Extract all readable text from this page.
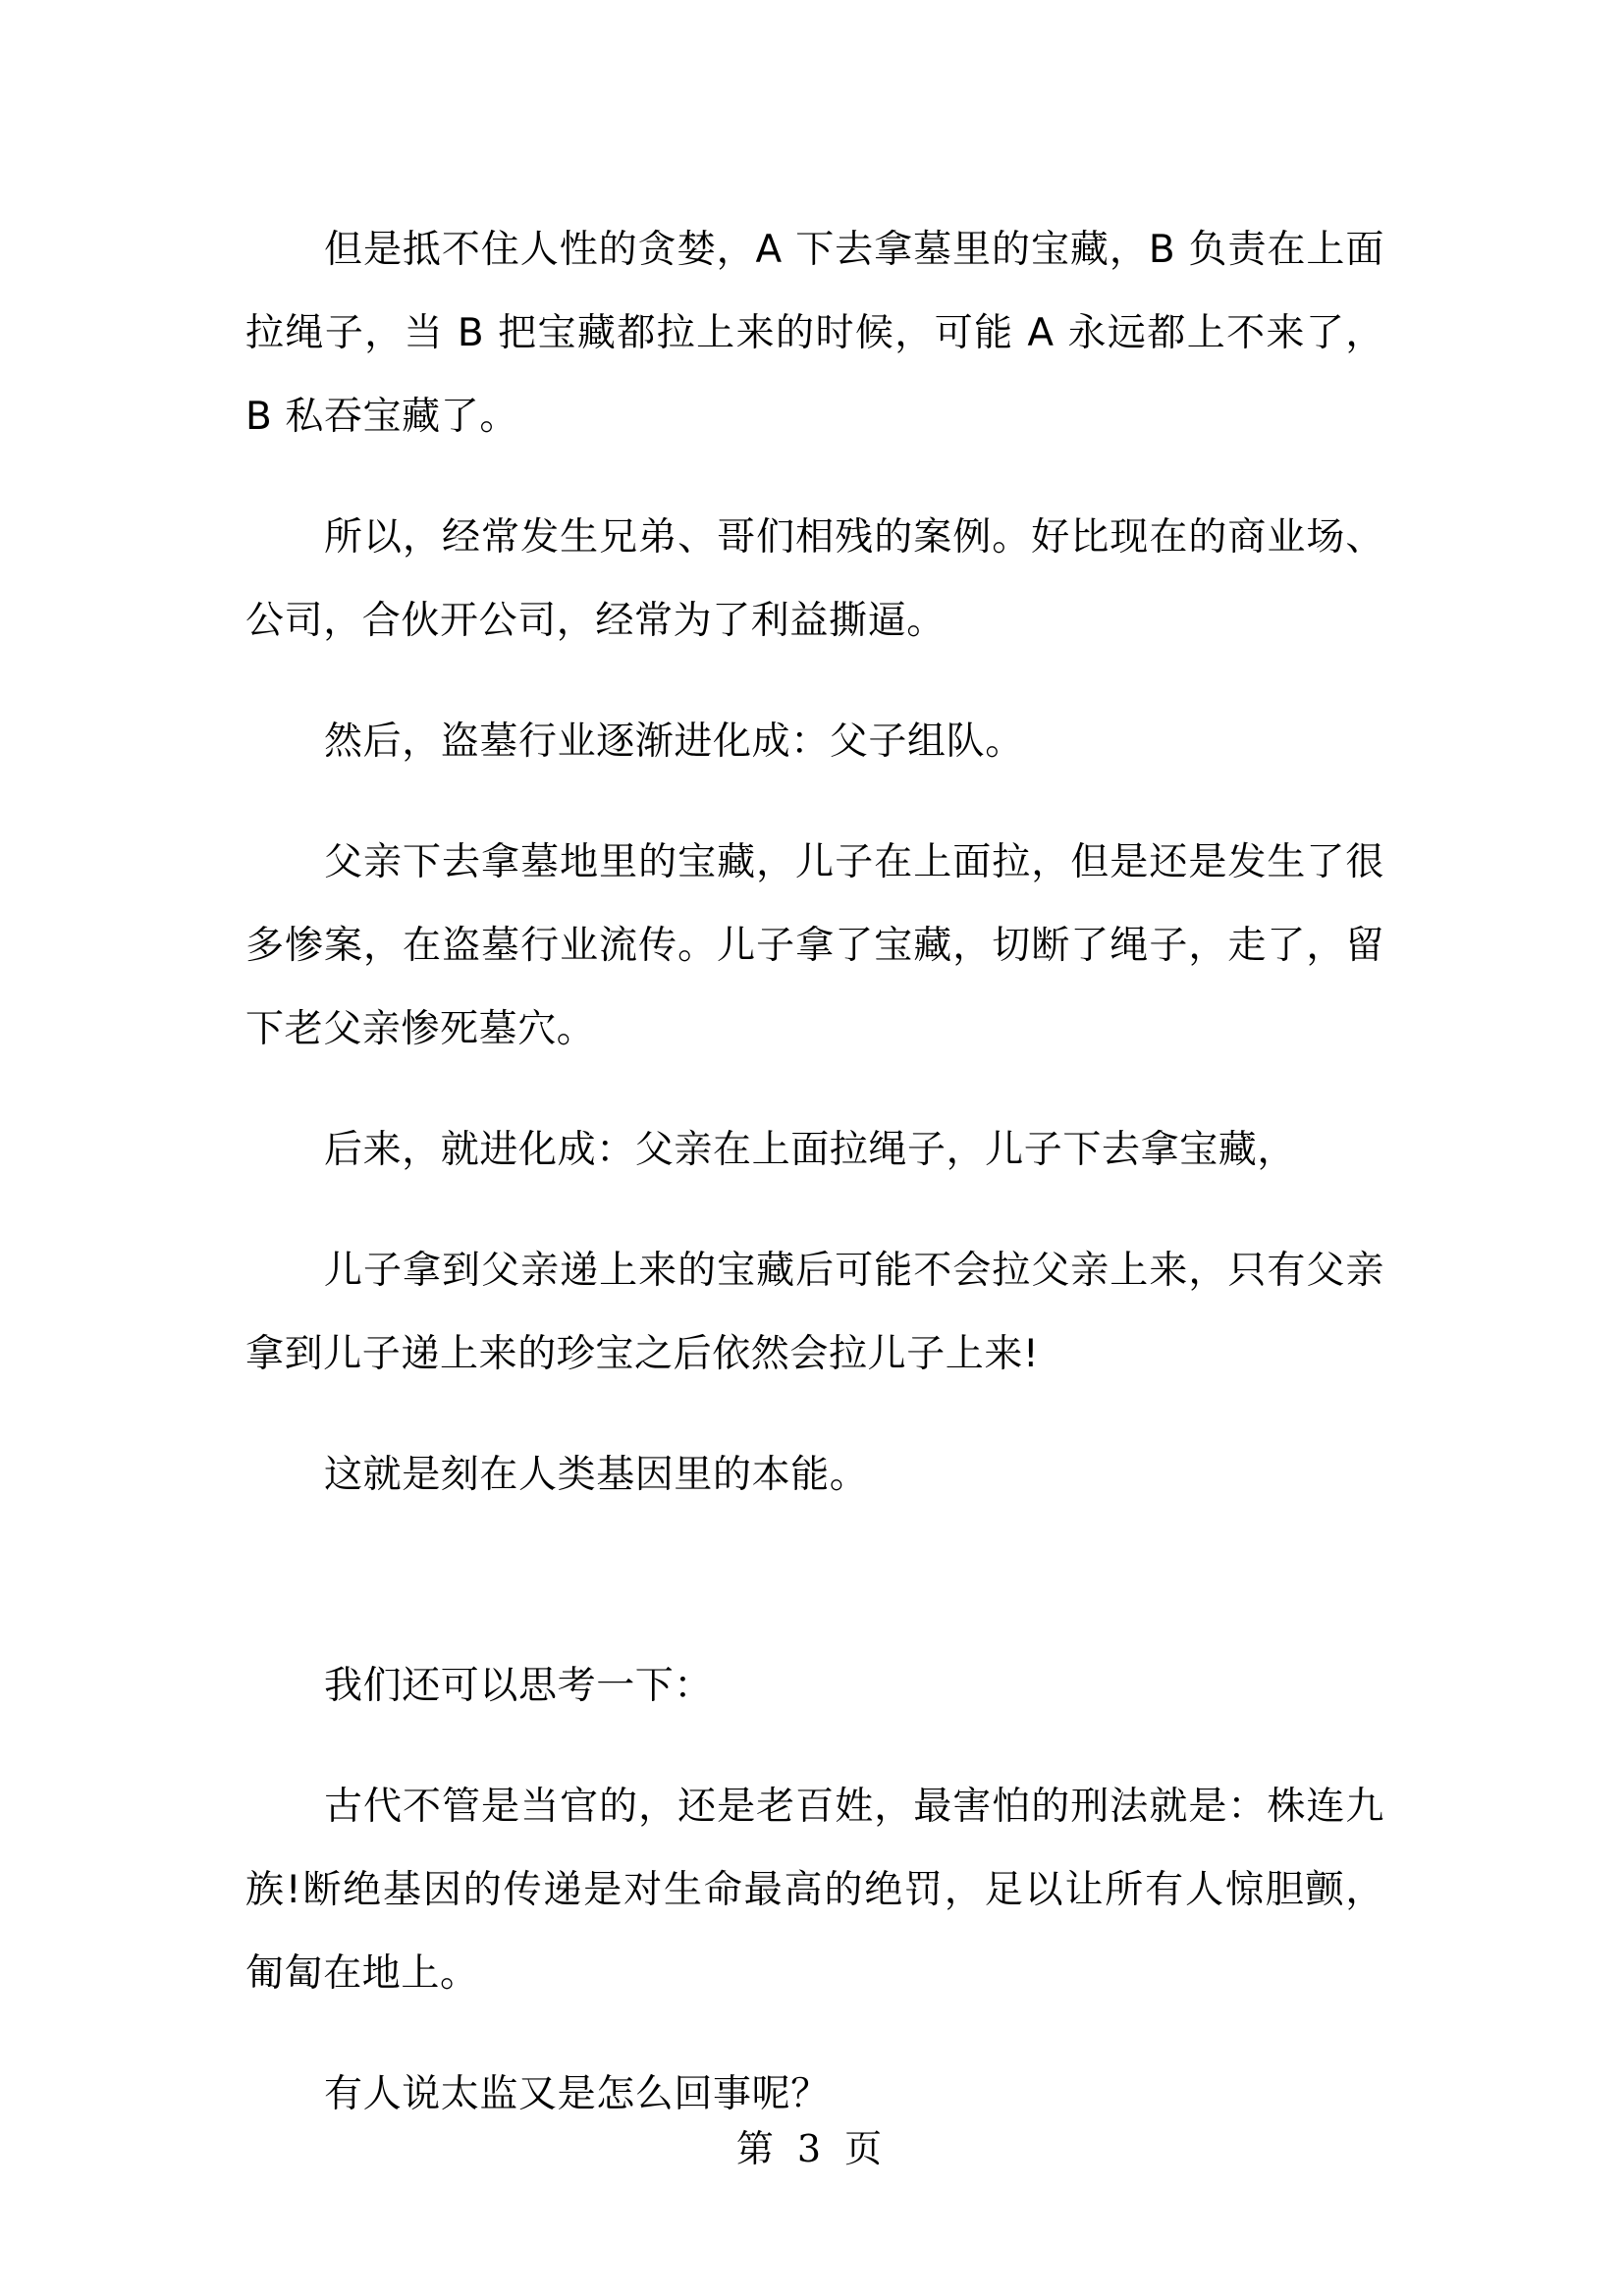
但是抵不住人性的贪婪，A 下去拿墓里的宝藏，B 负责在上面拉绳子，当 B 把宝藏都拉上来的时候，可能 A 永远都上不来了，B 私吞宝藏了。

所以，经常发生兄弟、哥们相残的案例。好比现在的商业场、公司，合伙开公司，经常为了利益撕逼。

然后，盗墓行业逐渐进化成：父子组队。

父亲下去拿墓地里的宝藏，儿子在上面拉，但是还是发生了很多惨案，在盗墓行业流传。儿子拿了宝藏，切断了绳子，走了，留下老父亲惨死墓穴。

后来，就进化成：父亲在上面拉绳子，儿子下去拿宝藏，

儿子拿到父亲递上来的宝藏后可能不会拉父亲上来，只有父亲拿到儿子递上来的珍宝之后依然会拉儿子上来!

这就是刻在人类基因里的本能。

我们还可以思考一下：

古代不管是当官的，还是老百姓，最害怕的刑法就是：株连九族!断绝基因的传递是对生命最高的绝罚，足以让所有人惊胆颤，匍匐在地上。

有人说太监又是怎么回事呢？

第 3 页
